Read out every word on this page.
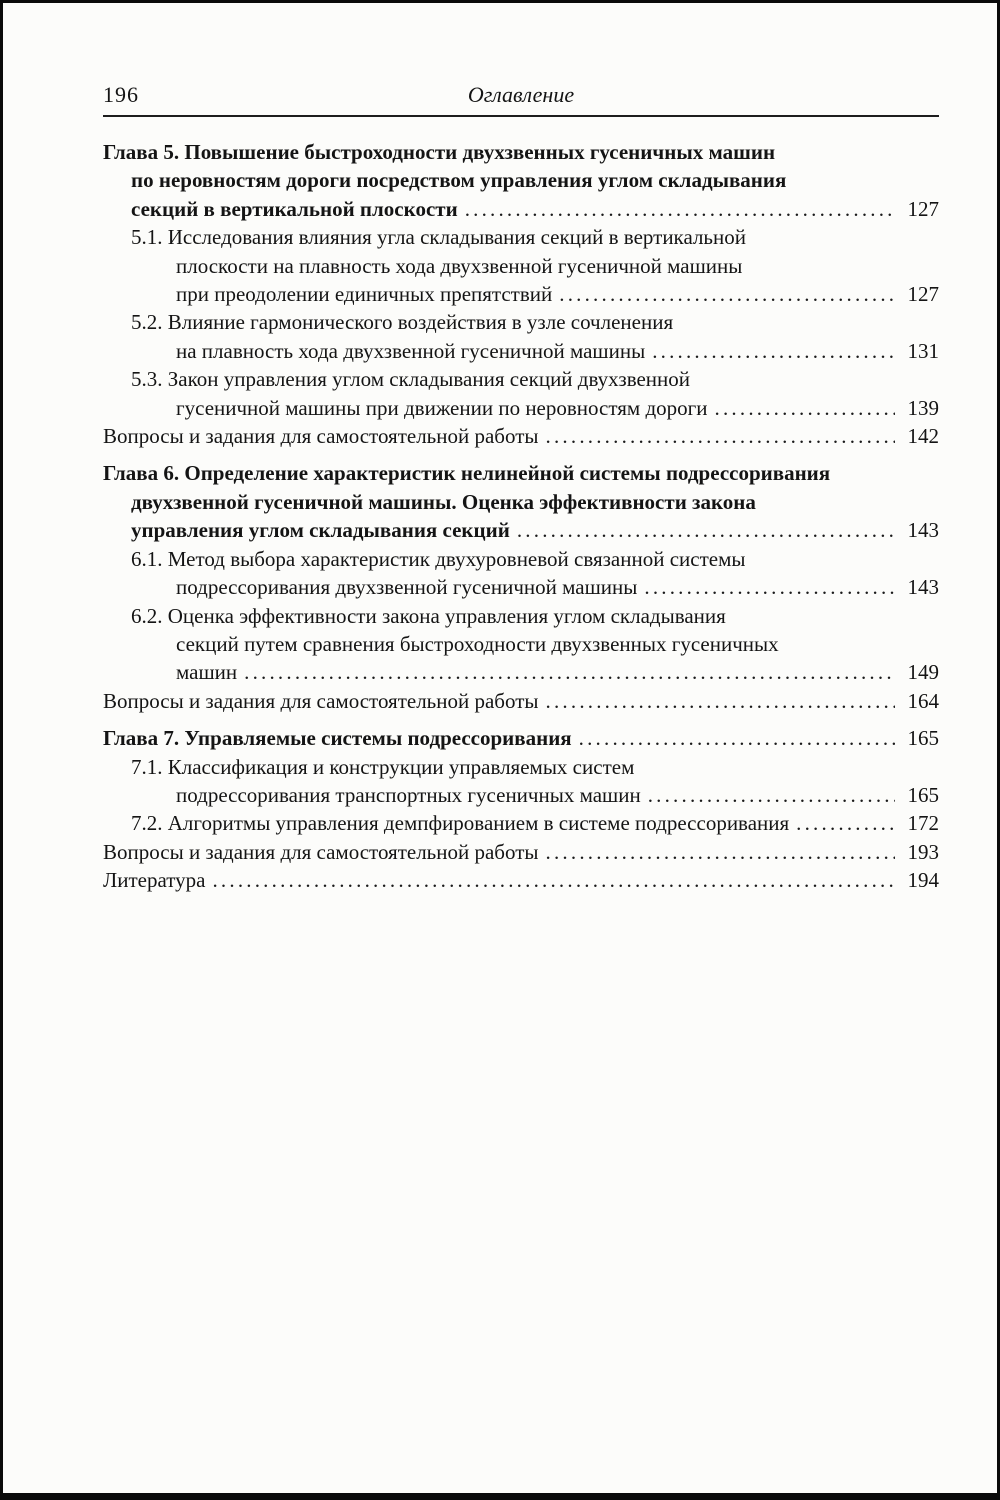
196	Оглавление
Глава 5. Повышение быстроходности двухзвенных гусеничных машин
по неровностям дороги посредством управления углом складывания
секций в вертикальной плоскости .....	127
5.1. Исследования влияния угла складывания секций в вертикальной
плоскости на плавность хода двухзвенной гусеничной машины
при преодолении единичных препятствий .....	127
5.2. Влияние гармонического воздействия в узле сочленения
на плавность хода двухзвенной гусеничной машины .....	131
5.3. Закон управления углом складывания секций двухзвенной
гусеничной машины при движении по неровностям дороги .....	139
Вопросы и задания для самостоятельной работы .....	142
Глава 6. Определение характеристик нелинейной системы подрессоривания
двухзвенной гусеничной машины. Оценка эффективности закона
управления углом складывания секций .....	143
6.1. Метод выбора характеристик двухуровневой связанной системы
подрессоривания двухзвенной гусеничной машины .....	143
6.2. Оценка эффективности закона управления углом складывания
секций путем сравнения быстроходности двухзвенных гусеничных
машин .....	149
Вопросы и задания для самостоятельной работы .....	164
Глава 7. Управляемые системы подрессоривания .....	165
7.1. Классификация и конструкции управляемых систем
подрессоривания транспортных гусеничных машин .....	165
7.2. Алгоритмы управления демпфированием в системе подрессоривания .....	172
Вопросы и задания для самостоятельной работы .....	193
Литература .....	194
